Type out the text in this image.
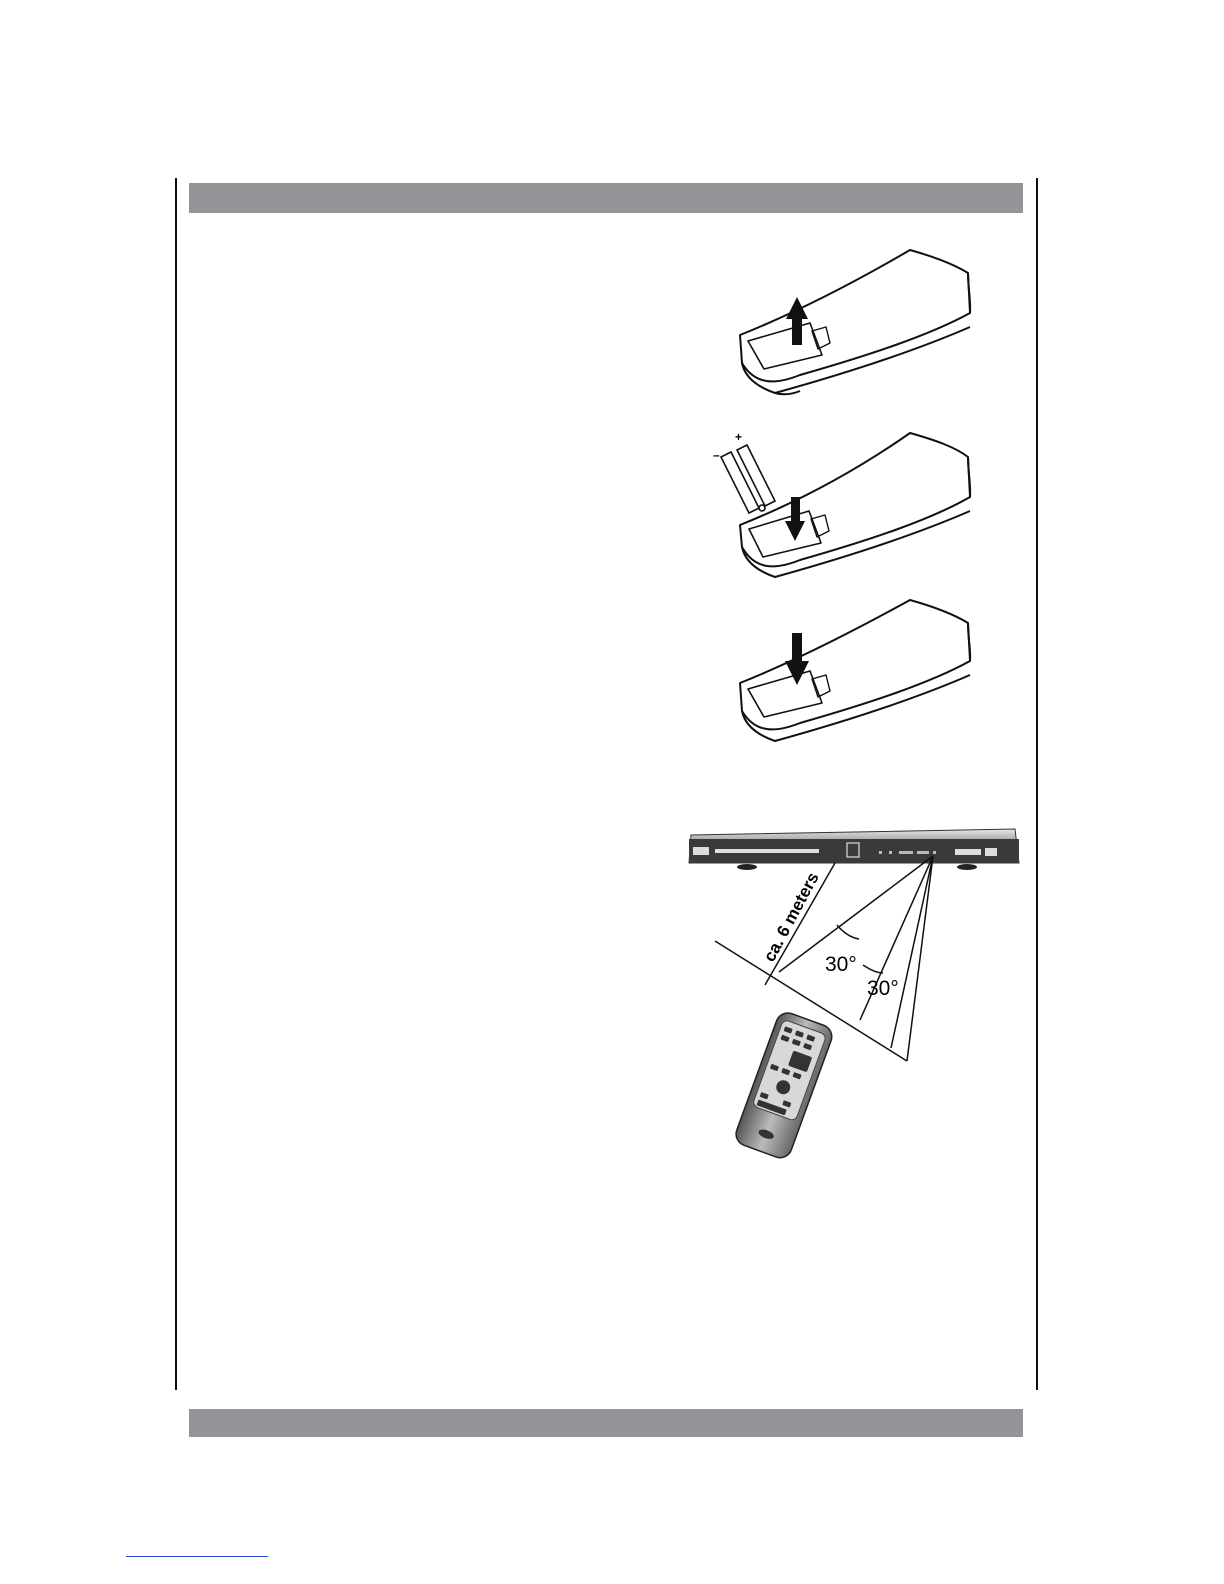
+
–
ca. 6 meters 30°
30°
